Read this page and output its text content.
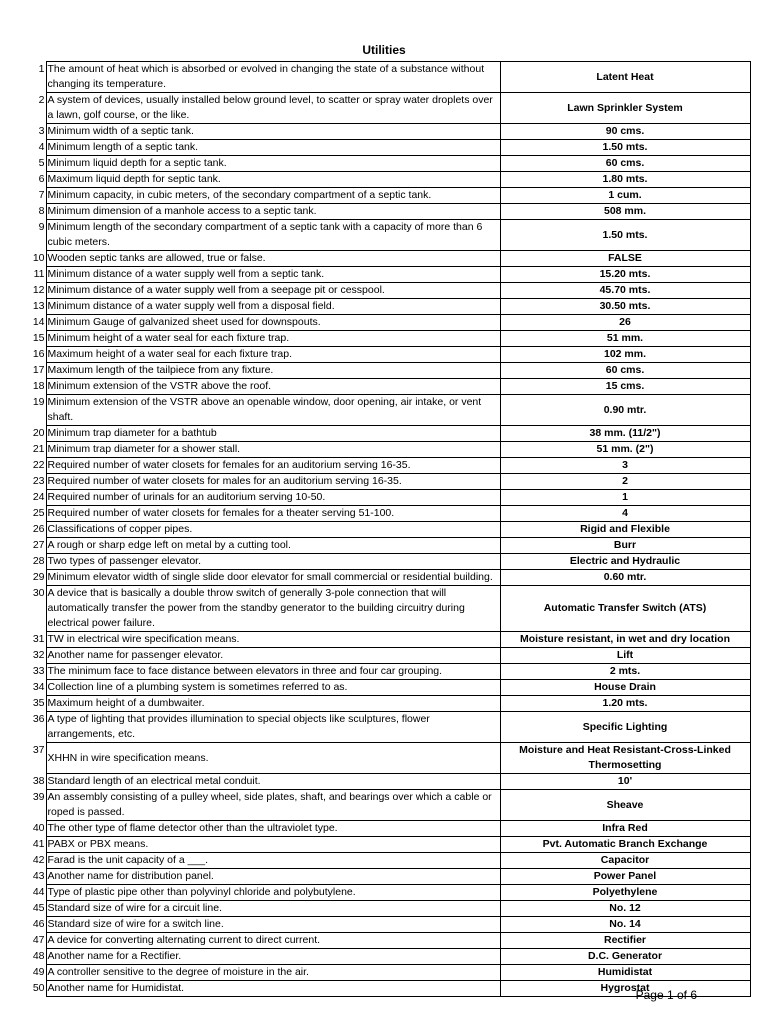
Utilities
1	The amount of heat which is absorbed or evolved in changing the state of a substance without changing its temperature.	Latent Heat
2	A system of devices, usually installed below ground level, to scatter or spray water droplets over a lawn, golf course, or the like.	Lawn Sprinkler System
3	Minimum width of a septic tank.	90 cms.
4	Minimum length of a septic tank.	1.50 mts.
5	Minimum liquid depth for a septic tank.	60 cms.
6	Maximum liquid depth for septic tank.	1.80 mts.
7	Minimum capacity, in cubic meters, of the secondary compartment of a septic tank.	1 cum.
8	Minimum dimension of a manhole access to a septic tank.	508 mm.
9	Minimum length of the secondary compartment of a septic tank with a capacity of more than 6 cubic meters.	1.50 mts.
10	Wooden septic tanks are allowed, true or false.	FALSE
11	Minimum distance of a water supply well from a septic tank.	15.20 mts.
12	Minimum distance of a water supply well from a seepage pit or cesspool.	45.70 mts.
13	Minimum distance of a water supply well from a disposal field.	30.50 mts.
14	Minimum Gauge of galvanized sheet used for downspouts.	26
15	Minimum height of a water seal for each fixture trap.	51 mm.
16	Maximum height of a water seal for each fixture trap.	102 mm.
17	Maximum length of the tailpiece from any fixture.	60 cms.
18	Minimum extension of the VSTR above the roof.	15 cms.
19	Minimum extension of the VSTR above an openable window, door opening, air intake, or vent shaft.	0.90 mtr.
20	Minimum trap diameter for a bathtub	38 mm. (11/2")
21	Minimum trap diameter for a shower stall.	51 mm. (2")
22	Required number of water closets for females for an auditorium serving 16-35.	3
23	Required number of water closets for males for an auditorium serving 16-35.	2
24	Required number of urinals for an auditorium serving 10-50.	1
25	Required number of water closets for females for a theater serving 51-100.	4
26	Classifications of copper pipes.	Rigid and Flexible
27	A rough or sharp edge left on metal by a cutting tool.	Burr
28	Two types of passenger elevator.	Electric and Hydraulic
29	Minimum elevator width of single slide door elevator for small commercial or residential building.	0.60 mtr.
30	A device that is basically a double throw switch of generally 3-pole connection that will automatically transfer the power from the standby generator to the building circuitry during electrical power failure.	Automatic Transfer Switch (ATS)
31	TW in electrical wire specification means.	Moisture resistant, in wet and dry location
32	Another name for passenger elevator.	Lift
33	The minimum face to face distance between elevators in three and four car grouping.	2 mts.
34	Collection line of a plumbing system is sometimes referred to as.	House Drain
35	Maximum height of a dumbwaiter.	1.20 mts.
36	A type of lighting that provides illumination to special objects like sculptures, flower arrangements, etc.	Specific Lighting
37	XHHN in wire specification means.	Moisture and Heat Resistant-Cross-Linked Thermosetting
38	Standard length of an electrical metal conduit.	10'
39	An assembly consisting of a pulley wheel, side plates, shaft, and bearings over which a cable or roped is passed.	Sheave
40	The other type of flame detector other than the ultraviolet type.	Infra Red
41	PABX or PBX means.	Pvt. Automatic Branch Exchange
42	Farad is the unit capacity of a ___.	Capacitor
43	Another name for distribution panel.	Power Panel
44	Type of plastic pipe other than polyvinyl chloride and polybutylene.	Polyethylene
45	Standard size of wire for a circuit line.	No. 12
46	Standard size of wire for a switch line.	No. 14
47	A device for converting alternating current to direct current.	Rectifier
48	Another name for a Rectifier.	D.C. Generator
49	A controller sensitive to the degree of moisture in the air.	Humidistat
50	Another name for Humidistat.	Hygrostat
Page 1 of 6
